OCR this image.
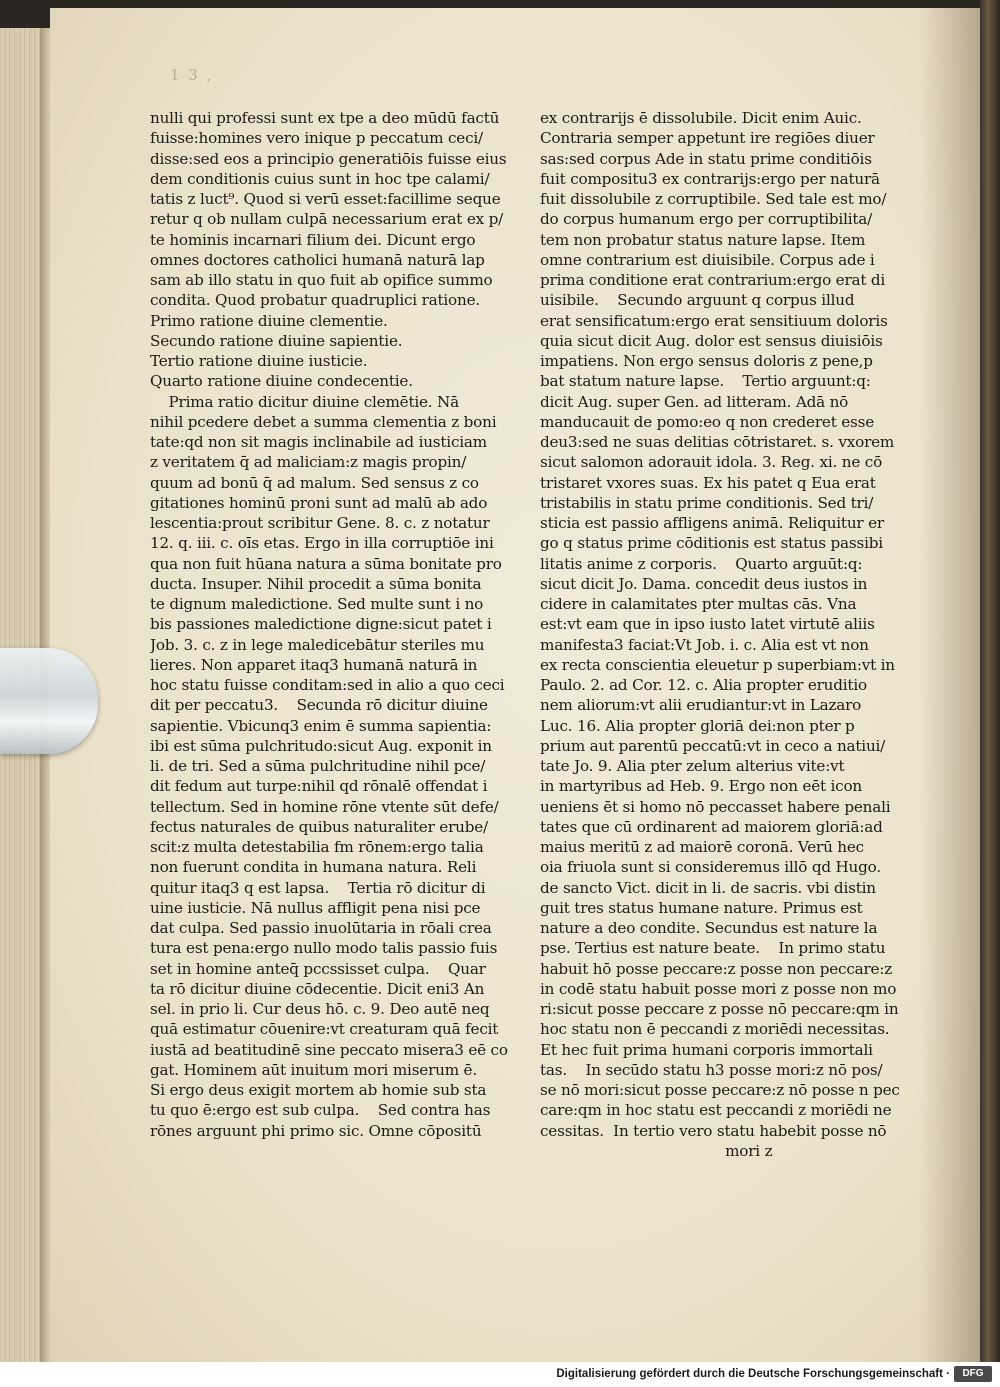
1 3 ,
nulli qui professi sunt ex tpe a deo mūdū factū
fuisse:homines vero inique p peccatum ceci/
disse:sed eos a principio generatiōis fuisse eius
dem conditionis cuius sunt in hoc tpe calami/
tatis z luct⁹. Quod si verū esset:facillime seque
retur q ob nullam culpā necessarium erat ex p/
te hominis incarnari filium dei. Dicunt ergo
omnes doctores catholici humanā naturā lap
sam ab illo statu in quo fuit ab opifice summo
condita. Quod probatur quadruplici ratione.
Primo ratione diuine clementie.
Secundo ratione diuine sapientie.
Tertio ratione diuine iusticie.
Quarto ratione diuine condecentie.
Prima ratio dicitur diuine clemētie. Nā
nihil pcedere debet a summa clementia z boni
tate:qd non sit magis inclinabile ad iusticiam
z veritatem q̄ ad maliciam:z magis propin/
quum ad bonū q̄ ad malum. Sed sensus z co
gitationes hominū proni sunt ad malū ab ado
lescentia:prout scribitur Gene. 8. c. z notatur
12. q. iii. c. oīs etas. Ergo in illa corruptiōe ini
qua non fuit hūana natura a sūma bonitate pro
ducta. Insuper. Nihil procedit a sūma bonita
te dignum maledictione. Sed multe sunt i no
bis passiones maledictione digne:sicut patet i
Job. 3. c. z in lege maledicebātur steriles mu
lieres. Non apparet itaq3 humanā naturā in
hoc statu fuisse conditam:sed in alio a quo ceci
dit per peccatu3.    Secunda rō dicitur diuine
sapientie. Vbicunq3 enim ē summa sapientia:
ibi est sūma pulchritudo:sicut Aug. exponit in
li. de tri. Sed a sūma pulchritudine nihil pce/
dit fedum aut turpe:nihil qd rōnalē offendat i
tellectum. Sed in homine rōne vtente sūt defe/
fectus naturales de quibus naturaliter erube/
scit:z multa detestabilia fm rōnem:ergo talia
non fuerunt condita in humana natura. Reli
quitur itaq3 q est lapsa.    Tertia rō dicitur di
uine iusticie. Nā nullus affligit pena nisi pce
dat culpa. Sed passio inuolūtaria in rōali crea
tura est pena:ergo nullo modo talis passio fuis
set in homine anteq̄ pccssisset culpa.    Quar
ta rō dicitur diuine cōdecentie. Dicit eni3 An
sel. in prio li. Cur deus hō. c. 9. Deo autē neq
quā estimatur cōuenire:vt creaturam quā fecit
iustā ad beatitudinē sine peccato misera3 eē co
gat. Hominem aūt inuitum mori miserum ē.
Si ergo deus exigit mortem ab homie sub sta
tu quo ē:ergo est sub culpa.    Sed contra has
rōnes arguunt phi primo sic. Omne cōpositū
ex contrarijs ē dissolubile. Dicit enim Auic.
Contraria semper appetunt ire regiōes diuer
sas:sed corpus Ade in statu prime conditiōis
fuit compositu3 ex contrarijs:ergo per naturā
fuit dissolubile z corruptibile. Sed tale est mo/
do corpus humanum ergo per corruptibilita/
tem non probatur status nature lapse. Item
omne contrarium est diuisibile. Corpus ade i
prima conditione erat contrarium:ergo erat di
uisibile.    Secundo arguunt q corpus illud
erat sensificatum:ergo erat sensitiuum doloris
quia sicut dicit Aug. dolor est sensus diuisiōis
impatiens. Non ergo sensus doloris z pene,p
bat statum nature lapse.    Tertio arguunt:q:
dicit Aug. super Gen. ad litteram. Adā nō
manducauit de pomo:eo q non crederet esse
deu3:sed ne suas delitias cōtristaret. s. vxorem
sicut salomon adorauit idola. 3. Reg. xi. ne cō
tristaret vxores suas. Ex his patet q Eua erat
tristabilis in statu prime conditionis. Sed tri/
sticia est passio affligens animā. Reliquitur er
go q status prime cōditionis est status passibi
litatis anime z corporis.    Quarto arguūt:q:
sicut dicit Jo. Dama. concedit deus iustos in
cidere in calamitates pter multas cās. Vna
est:vt eam que in ipso iusto latet virtutē aliis
manifesta3 faciat:Vt Job. i. c. Alia est vt non
ex recta conscientia eleuetur p superbiam:vt in
Paulo. 2. ad Cor. 12. c. Alia propter eruditio
nem aliorum:vt alii erudiantur:vt in Lazaro
Luc. 16. Alia propter gloriā dei:non pter p
prium aut parentū peccatū:vt in ceco a natiui/
tate Jo. 9. Alia pter zelum alterius vite:vt
in martyribus ad Heb. 9. Ergo non eēt icon
ueniens ēt si homo nō peccasset habere penali
tates que cū ordinarent ad maiorem gloriā:ad
maius meritū z ad maiorē coronā. Verū hec
oia friuola sunt si consideremus illō qd Hugo.
de sancto Vict. dicit in li. de sacris. vbi distin
guit tres status humane nature. Primus est
nature a deo condite. Secundus est nature la
pse. Tertius est nature beate.    In primo statu
habuit hō posse peccare:z posse non peccare:z
in codē statu habuit posse mori z posse non mo
ri:sicut posse peccare z posse nō peccare:qm in
hoc statu non ē peccandi z moriēdi necessitas.
Et hec fuit prima humani corporis immortali
tas.    In secūdo statu h3 posse mori:z nō pos/
se nō mori:sicut posse peccare:z nō posse n pec
care:qm in hoc statu est peccandi z moriēdi ne
cessitas.  In tertio vero statu habebit posse nō
mori z
Digitalisierung gefördert durch die Deutsche Forschungsgemeinschaft ·	DFG
